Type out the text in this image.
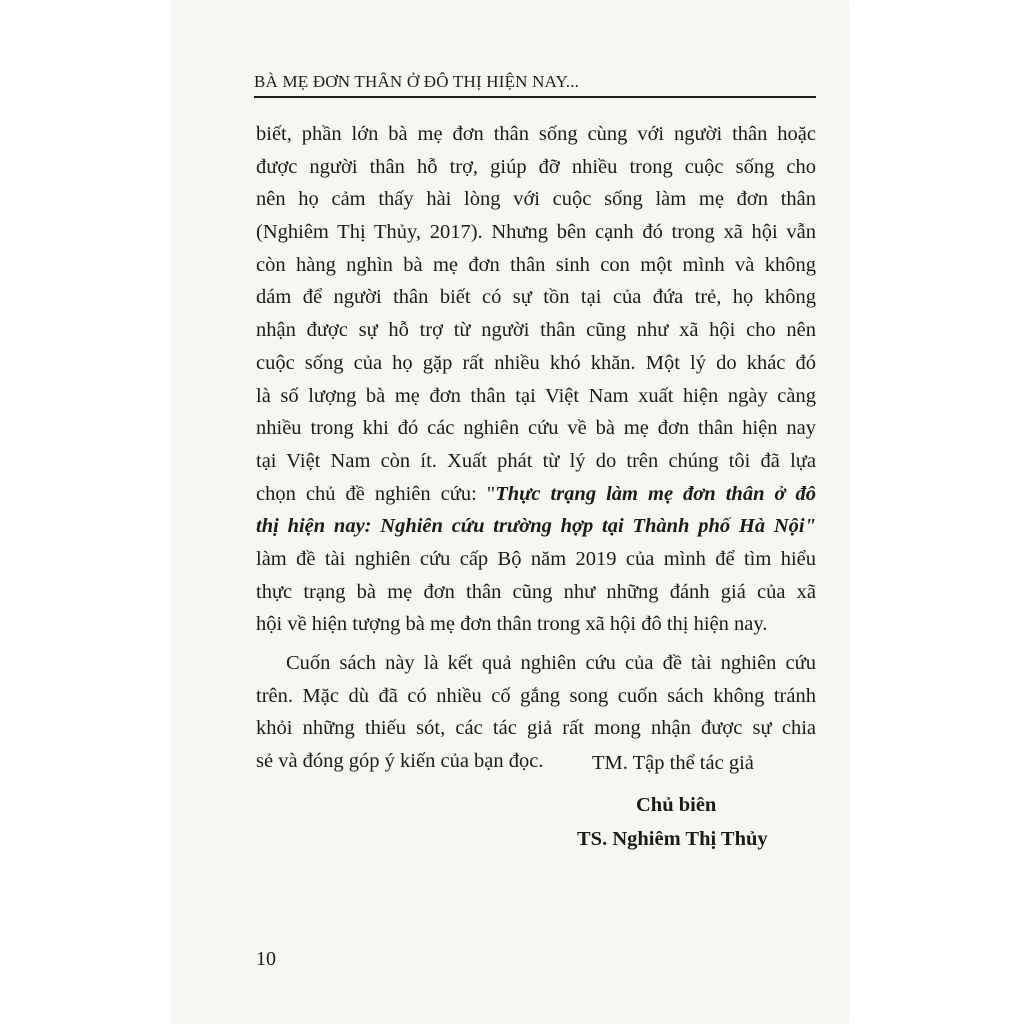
BÀ MẸ ĐƠN THÂN Ở ĐÔ THỊ HIỆN NAY...
biết, phần lớn bà mẹ đơn thân sống cùng với người thân hoặc
được người thân hỗ trợ, giúp đỡ nhiều trong cuộc sống cho
nên họ cảm thấy hài lòng với cuộc sống làm mẹ đơn thân
(Nghiêm Thị Thủy, 2017). Nhưng bên cạnh đó trong xã hội vẫn
còn hàng nghìn bà mẹ đơn thân sinh con một mình và không
dám để người thân biết có sự tồn tại của đứa trẻ, họ không
nhận được sự hỗ trợ từ người thân cũng như xã hội cho nên
cuộc sống của họ gặp rất nhiều khó khăn. Một lý do khác đó
là số lượng bà mẹ đơn thân tại Việt Nam xuất hiện ngày càng
nhiều trong khi đó các nghiên cứu về bà mẹ đơn thân hiện nay
tại Việt Nam còn ít. Xuất phát từ lý do trên chúng tôi đã lựa
chọn chủ đề nghiên cứu: "Thực trạng làm mẹ đơn thân ở đô
thị hiện nay: Nghiên cứu trường hợp tại Thành phố Hà Nội"
làm đề tài nghiên cứu cấp Bộ năm 2019 của mình để tìm hiểu
thực trạng bà mẹ đơn thân cũng như những đánh giá của xã
hội về hiện tượng bà mẹ đơn thân trong xã hội đô thị hiện nay.
Cuốn sách này là kết quả nghiên cứu của đề tài nghiên cứu
trên. Mặc dù đã có nhiều cố gắng song cuốn sách không tránh
khỏi những thiếu sót, các tác giả rất mong nhận được sự chia
sẻ và đóng góp ý kiến của bạn đọc.	TM. Tập thể tác giả
Chủ biên
TS. Nghiêm Thị Thủy
10
